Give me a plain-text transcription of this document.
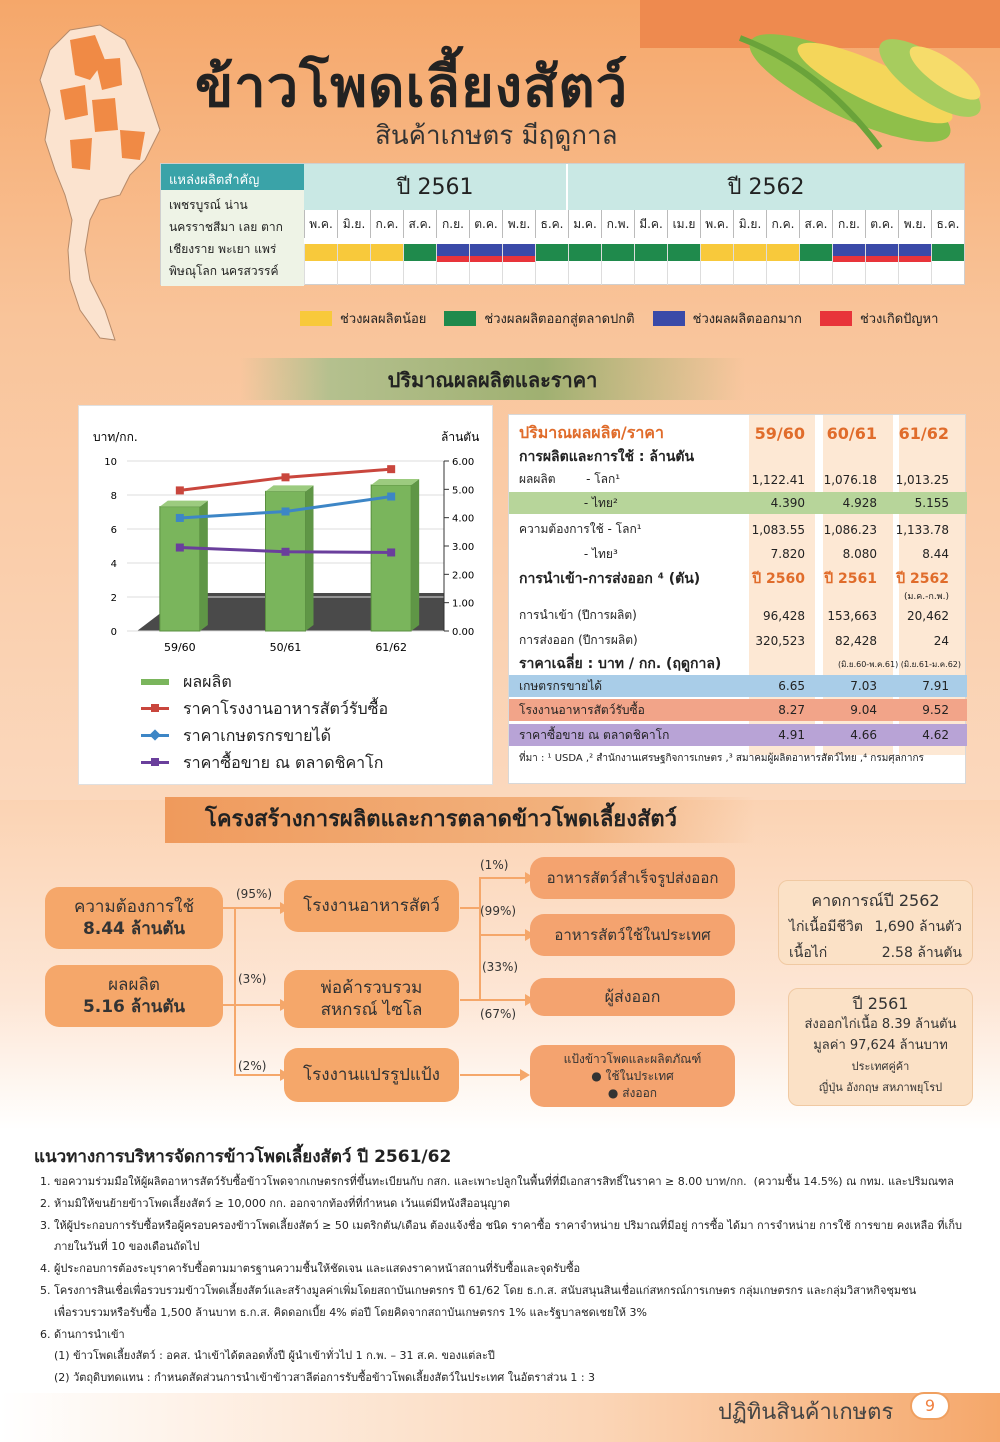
ข้าวโพดเลี้ยงสัตว์
สินค้าเกษตร มีฤดูกาล
แหล่งผลิตสำคัญ
เพชรบูรณ์ น่าน
นครราชสีมา เลย ตาก
เชียงราย พะเยา แพร่
พิษณุโลก นครสวรรค์
ปี 2561	ปี 2562
พ.ค. มิ.ย. ก.ค. ส.ค. ก.ย. ต.ค. พ.ย. ธ.ค. ม.ค. ก.พ. มี.ค. เม.ย พ.ค. มิ.ย. ก.ค. ส.ค. ก.ย. ต.ค. พ.ย. ธ.ค.
ช่วงผลผลิตน้อย	ช่วงผลผลิตออกสู่ตลาดปกติ	ช่วงผลผลิตออกมาก	ช่วงเกิดปัญหา
ปริมาณผลผลิตและราคา
0
2
4
6
8
10
0.00
1.00
2.00
3.00
4.00
5.00
6.00
บาท/กก.	ล้านตัน
59/60	50/61	61/62
ผลผลิต
ราคาโรงงานอาหารสัตว์รับซื้อ
ราคาเกษตรกรขายได้
ราคาซื้อขาย ณ ตลาดชิคาโก
ปริมาณผลผลิต/ราคา	59/60	60/61	61/62
การผลิตและการใช้ : ล้านตัน
ผลผลิต        - โลก¹	1,122.41	1,076.18	1,013.25
- ไทย²	4.390	4.928	5.155
ความต้องการใช้ - โลก¹	1,083.55	1,086.23	1,133.78
- ไทย³	7.820	8.080	8.44
การนำเข้า-การส่งออก ⁴ (ตัน)	ปี 2560	ปี 2561	ปี 2562
(ม.ค.-ก.พ.)
การนำเข้า (ปีการผลิต)	96,428	153,663	20,462
การส่งออก (ปีการผลิต)	320,523	82,428	24
ราคาเฉลี่ย : บาท / กก. (ฤดูกาล)	(มิ.ย.60-พ.ค.61) (มิ.ย.61-ม.ค.62)
เกษตรกรขายได้	6.65	7.03	7.91
โรงงานอาหารสัตว์รับซื้อ	8.27	9.04	9.52
ราคาซื้อขาย ณ ตลาดชิคาโก	4.91	4.66	4.62
ที่มา : ¹ USDA ,² สำนักงานเศรษฐกิจการเกษตร ,³ สมาคมผู้ผลิตอาหารสัตว์ไทย ,⁴ กรมศุลกากร
โครงสร้างการผลิตและการตลาดข้าวโพดเลี้ยงสัตว์
ความต้องการใช้
8.44 ล้านตัน
ผลผลิต
5.16 ล้านตัน
โรงงานอาหารสัตว์
พ่อค้ารวบรวม
สหกรณ์ ไซโล
โรงงานแปรรูปแป้ง
อาหารสัตว์สำเร็จรูปส่งออก
อาหารสัตว์ใช้ในประเทศ
ผู้ส่งออก
แป้งข้าวโพดและผลิตภัณฑ์
● ใช้ในประเทศ
● ส่งออก
(95%)
(3%)
(2%)
(1%)
(99%)
(33%)
(67%)
คาดการณ์ปี 2562
ไก่เนื้อมีชีวิต 1,690 ล้านตัว
เนื้อไก่	2.58 ล้านตัน
ปี 2561
ส่งออกไก่เนื้อ 8.39 ล้านตัน
มูลค่า 97,624 ล้านบาท
ประเทศคู่ค้า
ญี่ปุ่น อังกฤษ สหภาพยุโรป
แนวทางการบริหารจัดการข้าวโพดเลี้ยงสัตว์ ปี 2561/62
1. ขอความร่วมมือให้ผู้ผลิตอาหารสัตว์รับซื้อข้าวโพดจากเกษตรกรที่ขึ้นทะเบียนกับ กสก. และเพาะปลูกในพื้นที่ที่มีเอกสารสิทธิ์ในราคา ≥ 8.00 บาท/กก.  (ความชื้น 14.5%) ณ กทม. และปริมณฑล
2. ห้ามมิให้ขนย้ายข้าวโพดเลี้ยงสัตว์ ≥ 10,000 กก. ออกจากท้องที่ที่กำหนด เว้นแต่มีหนังสืออนุญาต
3. ให้ผู้ประกอบการรับซื้อหรือผู้ครอบครองข้าวโพดเลี้ยงสัตว์ ≥ 50 เมตริกตัน/เดือน ต้องแจ้งชื่อ ชนิด ราคาซื้อ ราคาจำหน่าย ปริมาณที่มีอยู่ การซื้อ ได้มา การจำหน่าย การใช้ การขาย คงเหลือ ที่เก็บ
ภายในวันที่ 10 ของเดือนถัดไป
4. ผู้ประกอบการต้องระบุราคารับซื้อตามมาตรฐานความชื้นให้ชัดเจน และแสดงราคาหน้าสถานที่รับซื้อและจุดรับซื้อ
5. โครงการสินเชื่อเพื่อรวบรวมข้าวโพดเลี้ยงสัตว์และสร้างมูลค่าเพิ่มโดยสถาบันเกษตรกร ปี 61/62 โดย ธ.ก.ส. สนับสนุนสินเชื่อแก่สหกรณ์การเกษตร กลุ่มเกษตรกร และกลุ่มวิสาหกิจชุมชน
เพื่อรวบรวมหรือรับซื้อ 1,500 ล้านบาท ธ.ก.ส. คิดดอกเบี้ย 4% ต่อปี โดยคิดจากสถาบันเกษตรกร 1% และรัฐบาลชดเชยให้ 3%
6. ด้านการนำเข้า
(1) ข้าวโพดเลี้ยงสัตว์ : อคส. นำเข้าได้ตลอดทั้งปี ผู้นำเข้าทั่วไป 1 ก.พ. – 31 ส.ค. ของแต่ละปี
(2) วัตถุดิบทดแทน : กำหนดสัดส่วนการนำเข้าข้าวสาลีต่อการรับซื้อข้าวโพดเลี้ยงสัตว์ในประเทศ ในอัตราส่วน 1 : 3
ปฏิทินสินค้าเกษตร	9
